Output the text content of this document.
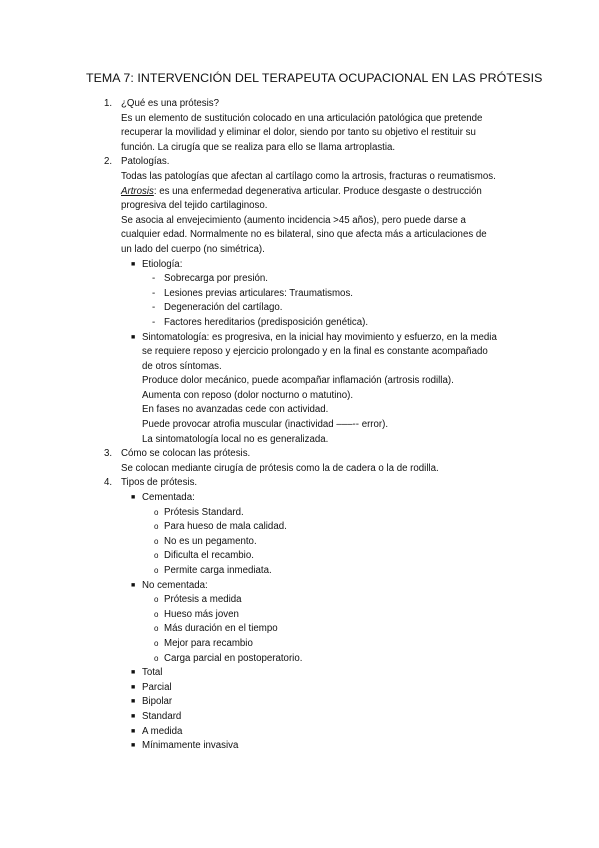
TEMA 7: INTERVENCIÓN DEL TERAPEUTA OCUPACIONAL EN LAS PRÓTESIS
1. ¿Qué es una prótesis?
Es un elemento de sustitución colocado en una articulación patológica que pretende
recuperar la movilidad y eliminar el dolor, siendo por tanto su objetivo el restituir su
función. La cirugía que se realiza para ello se llama artroplastia.
2. Patologías.
Todas las patologías que afectan al cartílago como la artrosis, fracturas o reumatismos.
Artrosis: es una enfermedad degenerativa articular. Produce desgaste o destrucción
progresiva del tejido cartilaginoso.
Se asocia al envejecimiento (aumento incidencia >45 años), pero puede darse a
cualquier edad. Normalmente no es bilateral, sino que afecta más a articulaciones de
un lado del cuerpo (no simétrica).
■ Etiología:
- Sobrecarga por presión.
- Lesiones previas articulares: Traumatismos.
- Degeneración del cartílago.
- Factores hereditarios (predisposición genética).
■ Sintomatología: es progresiva, en la inicial hay movimiento y esfuerzo, en la media
se requiere reposo y ejercicio prolongado y en la final es constante acompañado
de otros síntomas.
Produce dolor mecánico, puede acompañar inflamación (artrosis rodilla).
Aumenta con reposo (dolor nocturno o matutino).
En fases no avanzadas cede con actividad.
Puede provocar atrofia muscular (inactividad –––-- error).
La sintomatología local no es generalizada.
3. Cómo se colocan las prótesis.
Se colocan mediante cirugía de prótesis como la de cadera o la de rodilla.
4. Tipos de prótesis.
■ Cementada:
o Prótesis Standard.
o Para hueso de mala calidad.
o No es un pegamento.
o Dificulta el recambio.
o Permite carga inmediata.
■ No cementada:
o Prótesis a medida
o Hueso más joven
o Más duración en el tiempo
o Mejor para recambio
o Carga parcial en postoperatorio.
■ Total
■ Parcial
■ Bipolar
■ Standard
■ A medida
■ Mínimamente invasiva
